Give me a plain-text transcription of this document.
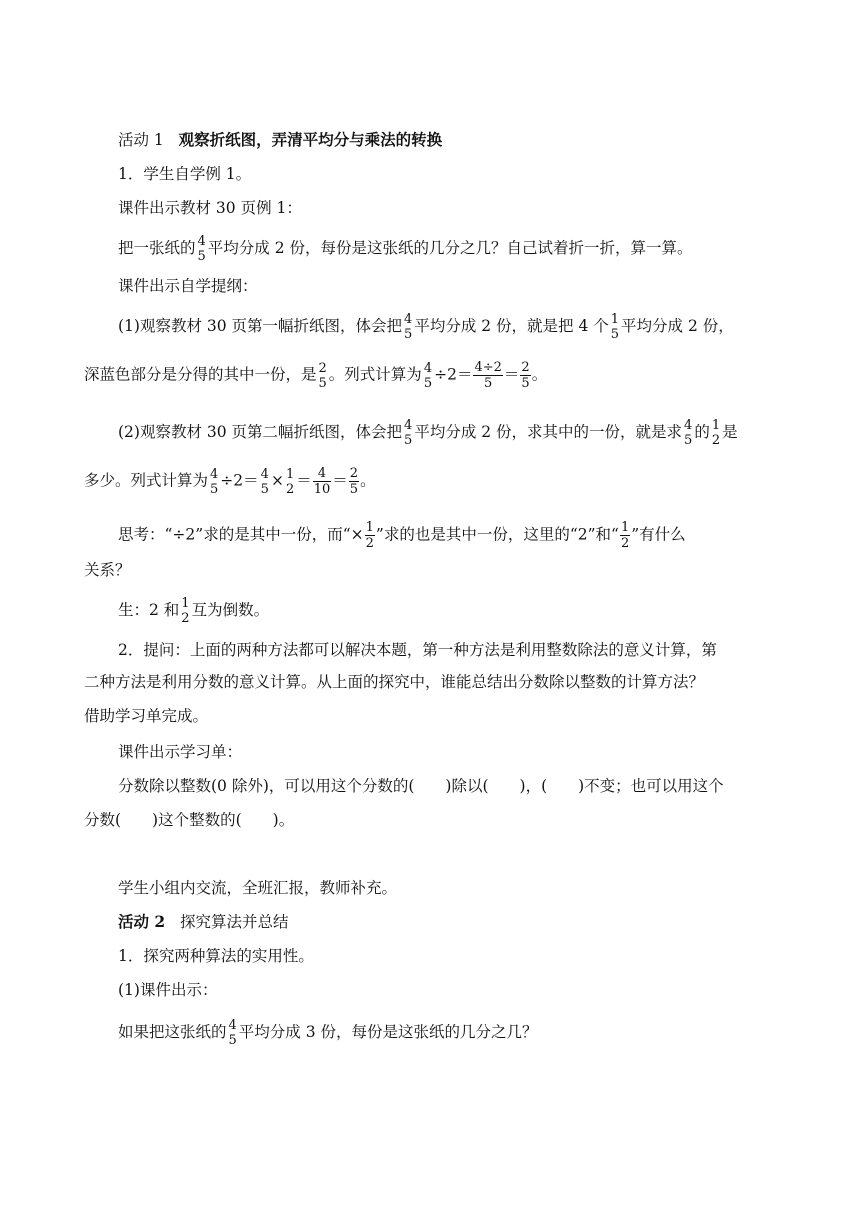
活动 1 观察折纸图，弄清平均分与乘法的转换
1．学生自学例 1。
课件出示教材 30 页例 1：
把一张纸的 4
5 平均分成 2 份，每份是这张纸的几分之几？自己试着折一折，算一算。
课件出示自学提纲：
(1)观察教材 30 页第一幅折纸图，体会把 4
5 平均分成 2 份，就是把 4 个 1
5 平均分成 2 份，
深蓝色部分是分得的其中一份，是 2
5 。列式计算为 4
$5 \div 2= \frac{4\div 2}{5} = \frac{2}{5}$ 。
(2)观察教材 30 页第二幅折纸图，体会把 4
5 平均分成 2 份，求其中的一份，就是求 4
5 的 1
2 是
多少。列式计算为 4
5 ÷2＝ 4
5 × 1
$2 = \frac{4}{10} = \frac{2}{5}$ 。
思考：“÷2”求的是其中一份，而“× $\frac{1}{2}$ ”求的也是其中一份，这里的“2”和“ $\frac{1}{2}$ ”有什么
关系？
生：2 和 1
2 互为倒数。
2．提问：上面的两种方法都可以解决本题，第一种方法是利用整数除法的意义计算，第
二种方法是利用分数的意义计算。从上面的探究中，谁能总结出分数除以整数的计算方法？
借助学习单完成。
课件出示学习单：
分数除以整数(0 除外)，可以用这个分数的(　　)除以(　　)，(　　)不变；也可以用这个
分数(　　)这个整数的(　　)。
学生小组内交流，全班汇报，教师补充。
活动 2 探究算法并总结
1．探究两种算法的实用性。
(1)课件出示：
如果把这张纸的 4
5 平均分成 3 份，每份是这张纸的几分之几？
